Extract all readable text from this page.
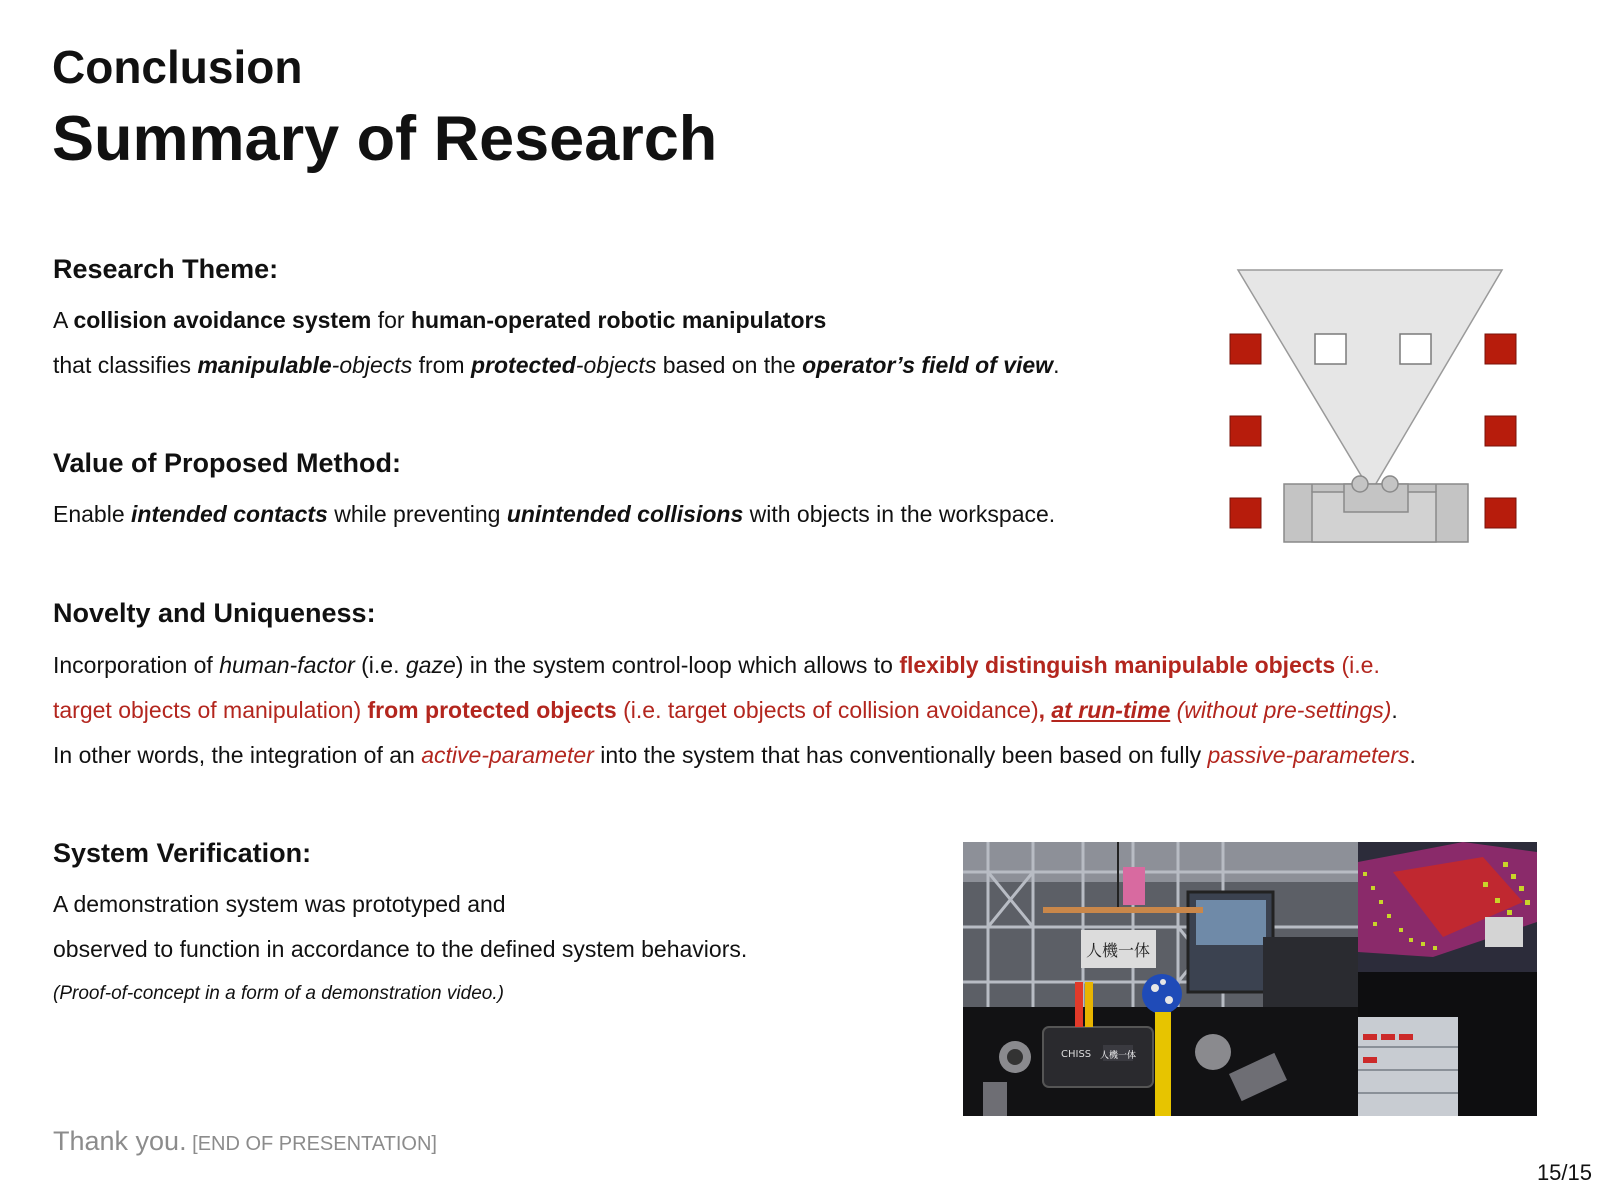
Conclusion
Summary of Research
Research Theme:
A collision avoidance system for human-operated robotic manipulators
that classifies manipulable-objects from protected-objects based on the operator’s field of view.
Value of Proposed Method:
Enable intended contacts while preventing unintended collisions with objects in the workspace.
Novelty and Uniqueness:
Incorporation of human-factor (i.e. gaze) in the system control-loop which allows to flexibly distinguish manipulable objects (i.e.
target objects of manipulation) from protected objects (i.e. target objects of collision avoidance), at run-time (without pre-settings).
In other words, the integration of an active-parameter into the system that has conventionally been based on fully passive-parameters.
System Verification:
A demonstration system was prototyped and
observed to function in accordance to the defined system behaviors.
(Proof-of-concept in a form of a demonstration video.)
人機一体
CHISS 人機一体
Thank you. [END OF PRESENTATION]
15/15
